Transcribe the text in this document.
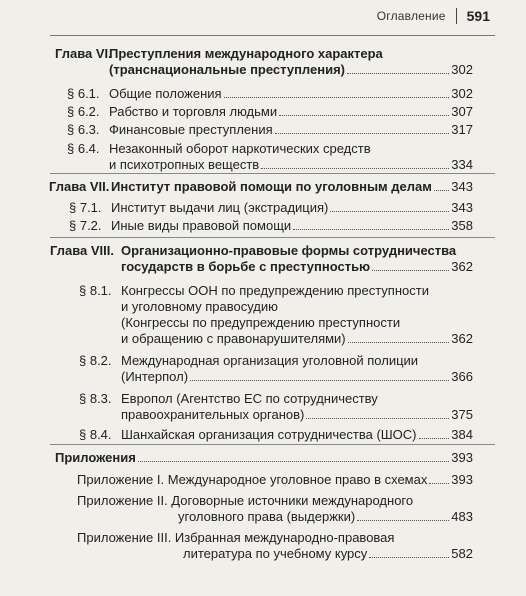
Оглавление 591
Глава VI.
Преступления международного характера
(транснациональные преступления)	302
§ 6.1. Общие положения	302
§ 6.2. Рабство и торговля людьми	307
§ 6.3. Финансовые преступления	317
§ 6.4. Незаконный оборот наркотических средств
и психотропных веществ	334
Глава VII. Институт правовой помощи по уголовным делам 343
§ 7.1. Институт выдачи лиц (экстрадиция)	343
§ 7.2. Иные виды правовой помощи	358
Глава VIII. Организационно-правовые формы сотрудничества
государств в борьбе с преступностью	362
§ 8.1. Конгрессы ООН по предупреждению преступности
и уголовному правосудию
(Конгрессы по предупреждению преступности
и обращению с правонарушителями)	362
§ 8.2. Международная организация уголовной полиции
(Интерпол)	366
§ 8.3. Европол (Агентство ЕС по сотрудничеству
правоохранительных органов)	375
§ 8.4. Шанхайская организация сотрудничества (ШОС)	384
Приложения	393
Приложение I. Международное уголовное право в схемах 393
Приложение II. Договорные источники международного
уголовного права (выдержки)	483
Приложение III. Избранная международно-правовая
литература по учебному курсу	582
